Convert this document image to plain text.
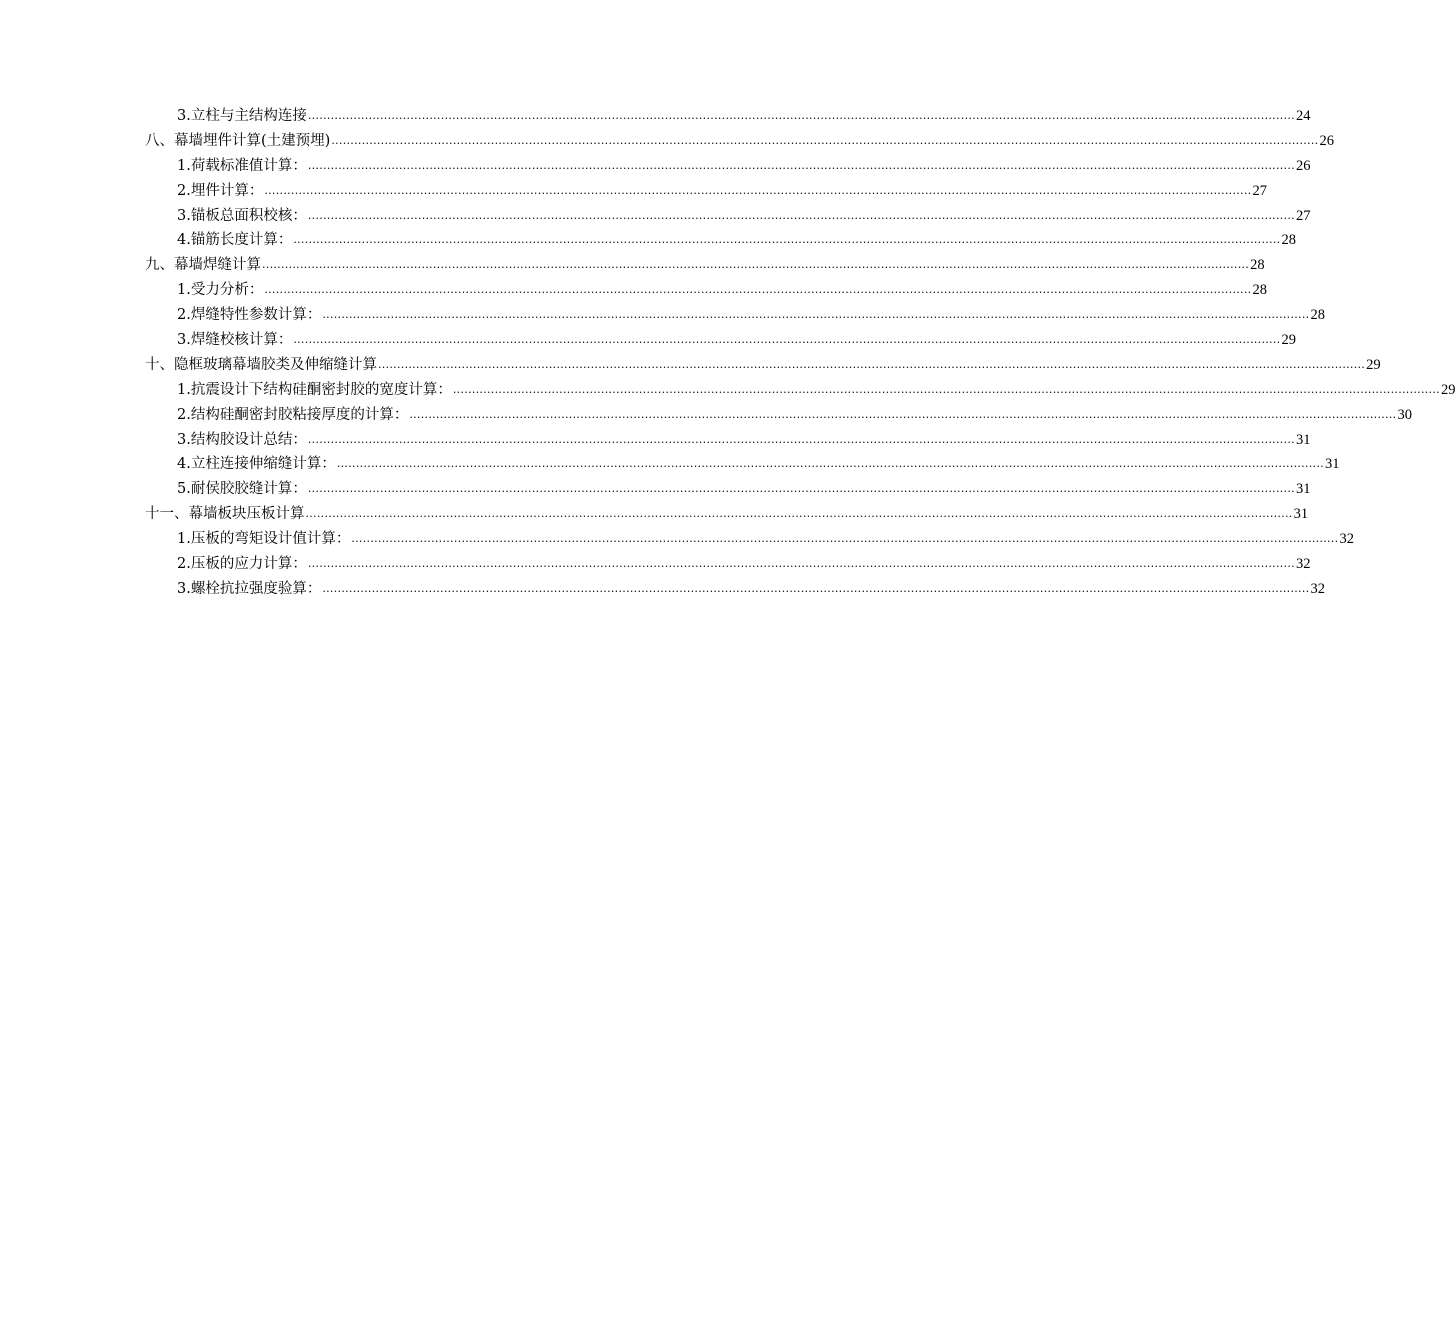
3.立柱与主结构连接 .................................................................................................................................................................................................................................................................... 24
八、幕墙埋件计算(土建预埋) .................................................................................................................................................................................................................................................................... 26
1.荷载标准值计算： .................................................................................................................................................................................................................................................................... 26
2.埋件计算： .................................................................................................................................................................................................................................................................... 27
3.锚板总面积校核： .................................................................................................................................................................................................................................................................... 27
4.锚筋长度计算： .................................................................................................................................................................................................................................................................... 28
九、幕墙焊缝计算 .................................................................................................................................................................................................................................................................... 28
1.受力分析： .................................................................................................................................................................................................................................................................... 28
2.焊缝特性参数计算： .................................................................................................................................................................................................................................................................... 28
3.焊缝校核计算： .................................................................................................................................................................................................................................................................... 29
十、隐框玻璃幕墙胶类及伸缩缝计算 .................................................................................................................................................................................................................................................................... 29
1.抗震设计下结构硅酮密封胶的宽度计算： .................................................................................................................................................................................................................................................................... 29
2.结构硅酮密封胶粘接厚度的计算： .................................................................................................................................................................................................................................................................... 30
3.结构胶设计总结： .................................................................................................................................................................................................................................................................... 31
4.立柱连接伸缩缝计算： .................................................................................................................................................................................................................................................................... 31
5.耐侯胶胶缝计算： .................................................................................................................................................................................................................................................................... 31
十一、幕墙板块压板计算 .................................................................................................................................................................................................................................................................... 31
1.压板的弯矩设计值计算： .................................................................................................................................................................................................................................................................... 32
2.压板的应力计算： .................................................................................................................................................................................................................................................................... 32
3.螺栓抗拉强度验算： .................................................................................................................................................................................................................................................................... 32
